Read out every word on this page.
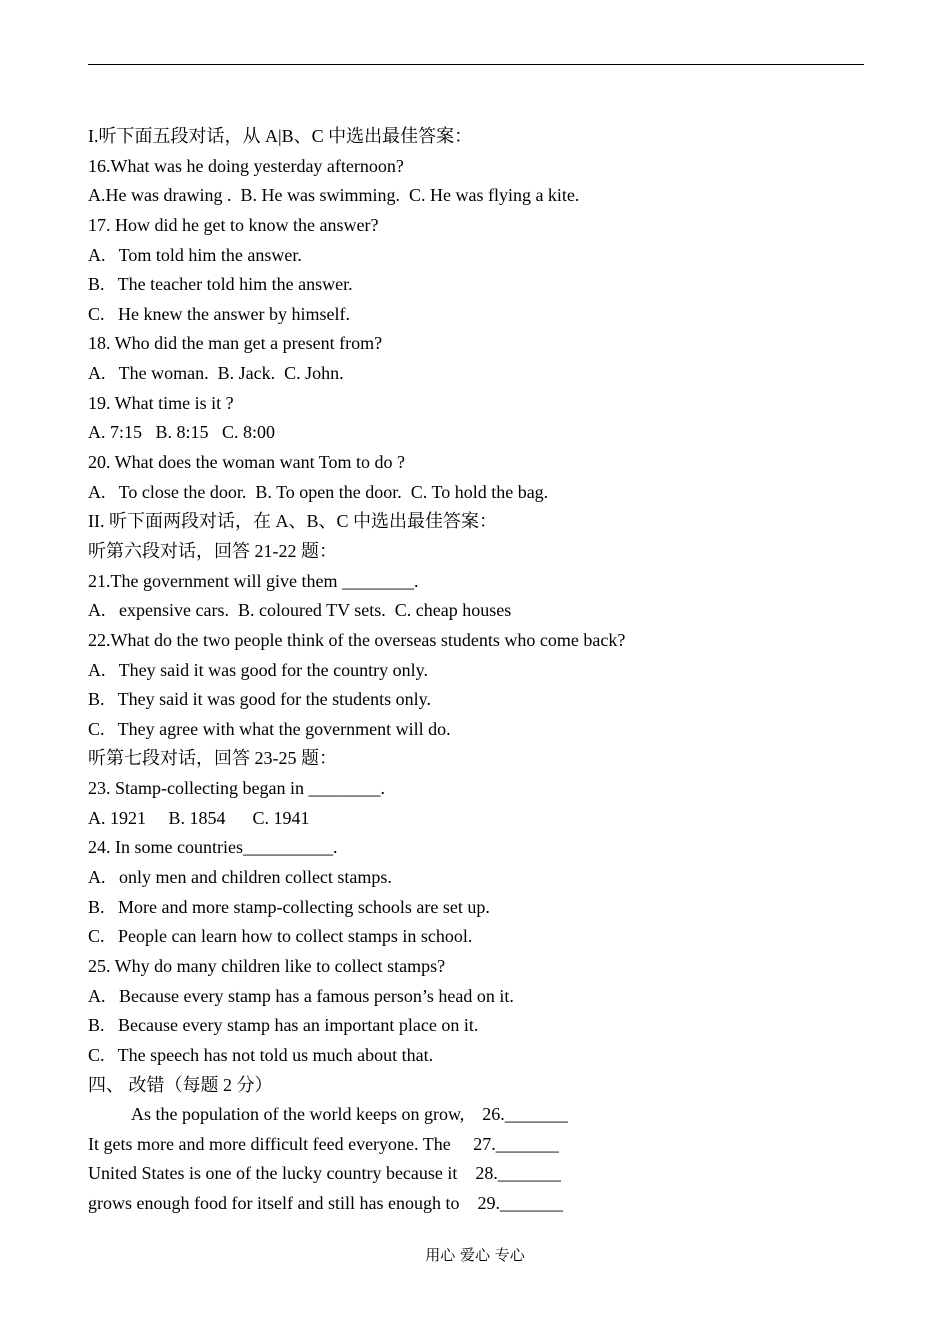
I.听下面五段对话，从 A|B、C 中选出最佳答案：
16.What was he doing yesterday afternoon?
A.He was drawing .  B. He was swimming.  C. He was flying a kite.
17. How did he get to know the answer?
A.   Tom told him the answer.
B.   The teacher told him the answer.
C.   He knew the answer by himself.
18. Who did the man get a present from?
A.   The woman.  B. Jack.  C. John.
19. What time is it ?
A. 7:15   B. 8:15   C. 8:00
20. What does the woman want Tom to do ?
A.   To close the door.  B. To open the door.  C. To hold the bag.
II. 听下面两段对话，在 A、B、C 中选出最佳答案：
听第六段对话，回答 21-22 题：
21.The government will give them ________.
A.   expensive cars.  B. coloured TV sets.  C. cheap houses
22.What do the two people think of the overseas students who come back?
A.   They said it was good for the country only.
B.   They said it was good for the students only.
C.   They agree with what the government will do.
听第七段对话，回答 23-25 题：
23. Stamp-collecting began in ________.
A. 1921     B. 1854      C. 1941
24. In some countries__________.
A.   only men and children collect stamps.
B.   More and more stamp-collecting schools are set up.
C.   People can learn how to collect stamps in school.
25. Why do many children like to collect stamps?
A.   Because every stamp has a famous person’s head on it.
B.   Because every stamp has an important place on it.
C.   The speech has not told us much about that.
四、 改错（每题 2 分）
As the population of the world keeps on grow,    26._______
It gets more and more difficult feed everyone. The     27._______
United States is one of the lucky country because it    28._______
grows enough food for itself and still has enough to    29._______
用心 爱心 专心
